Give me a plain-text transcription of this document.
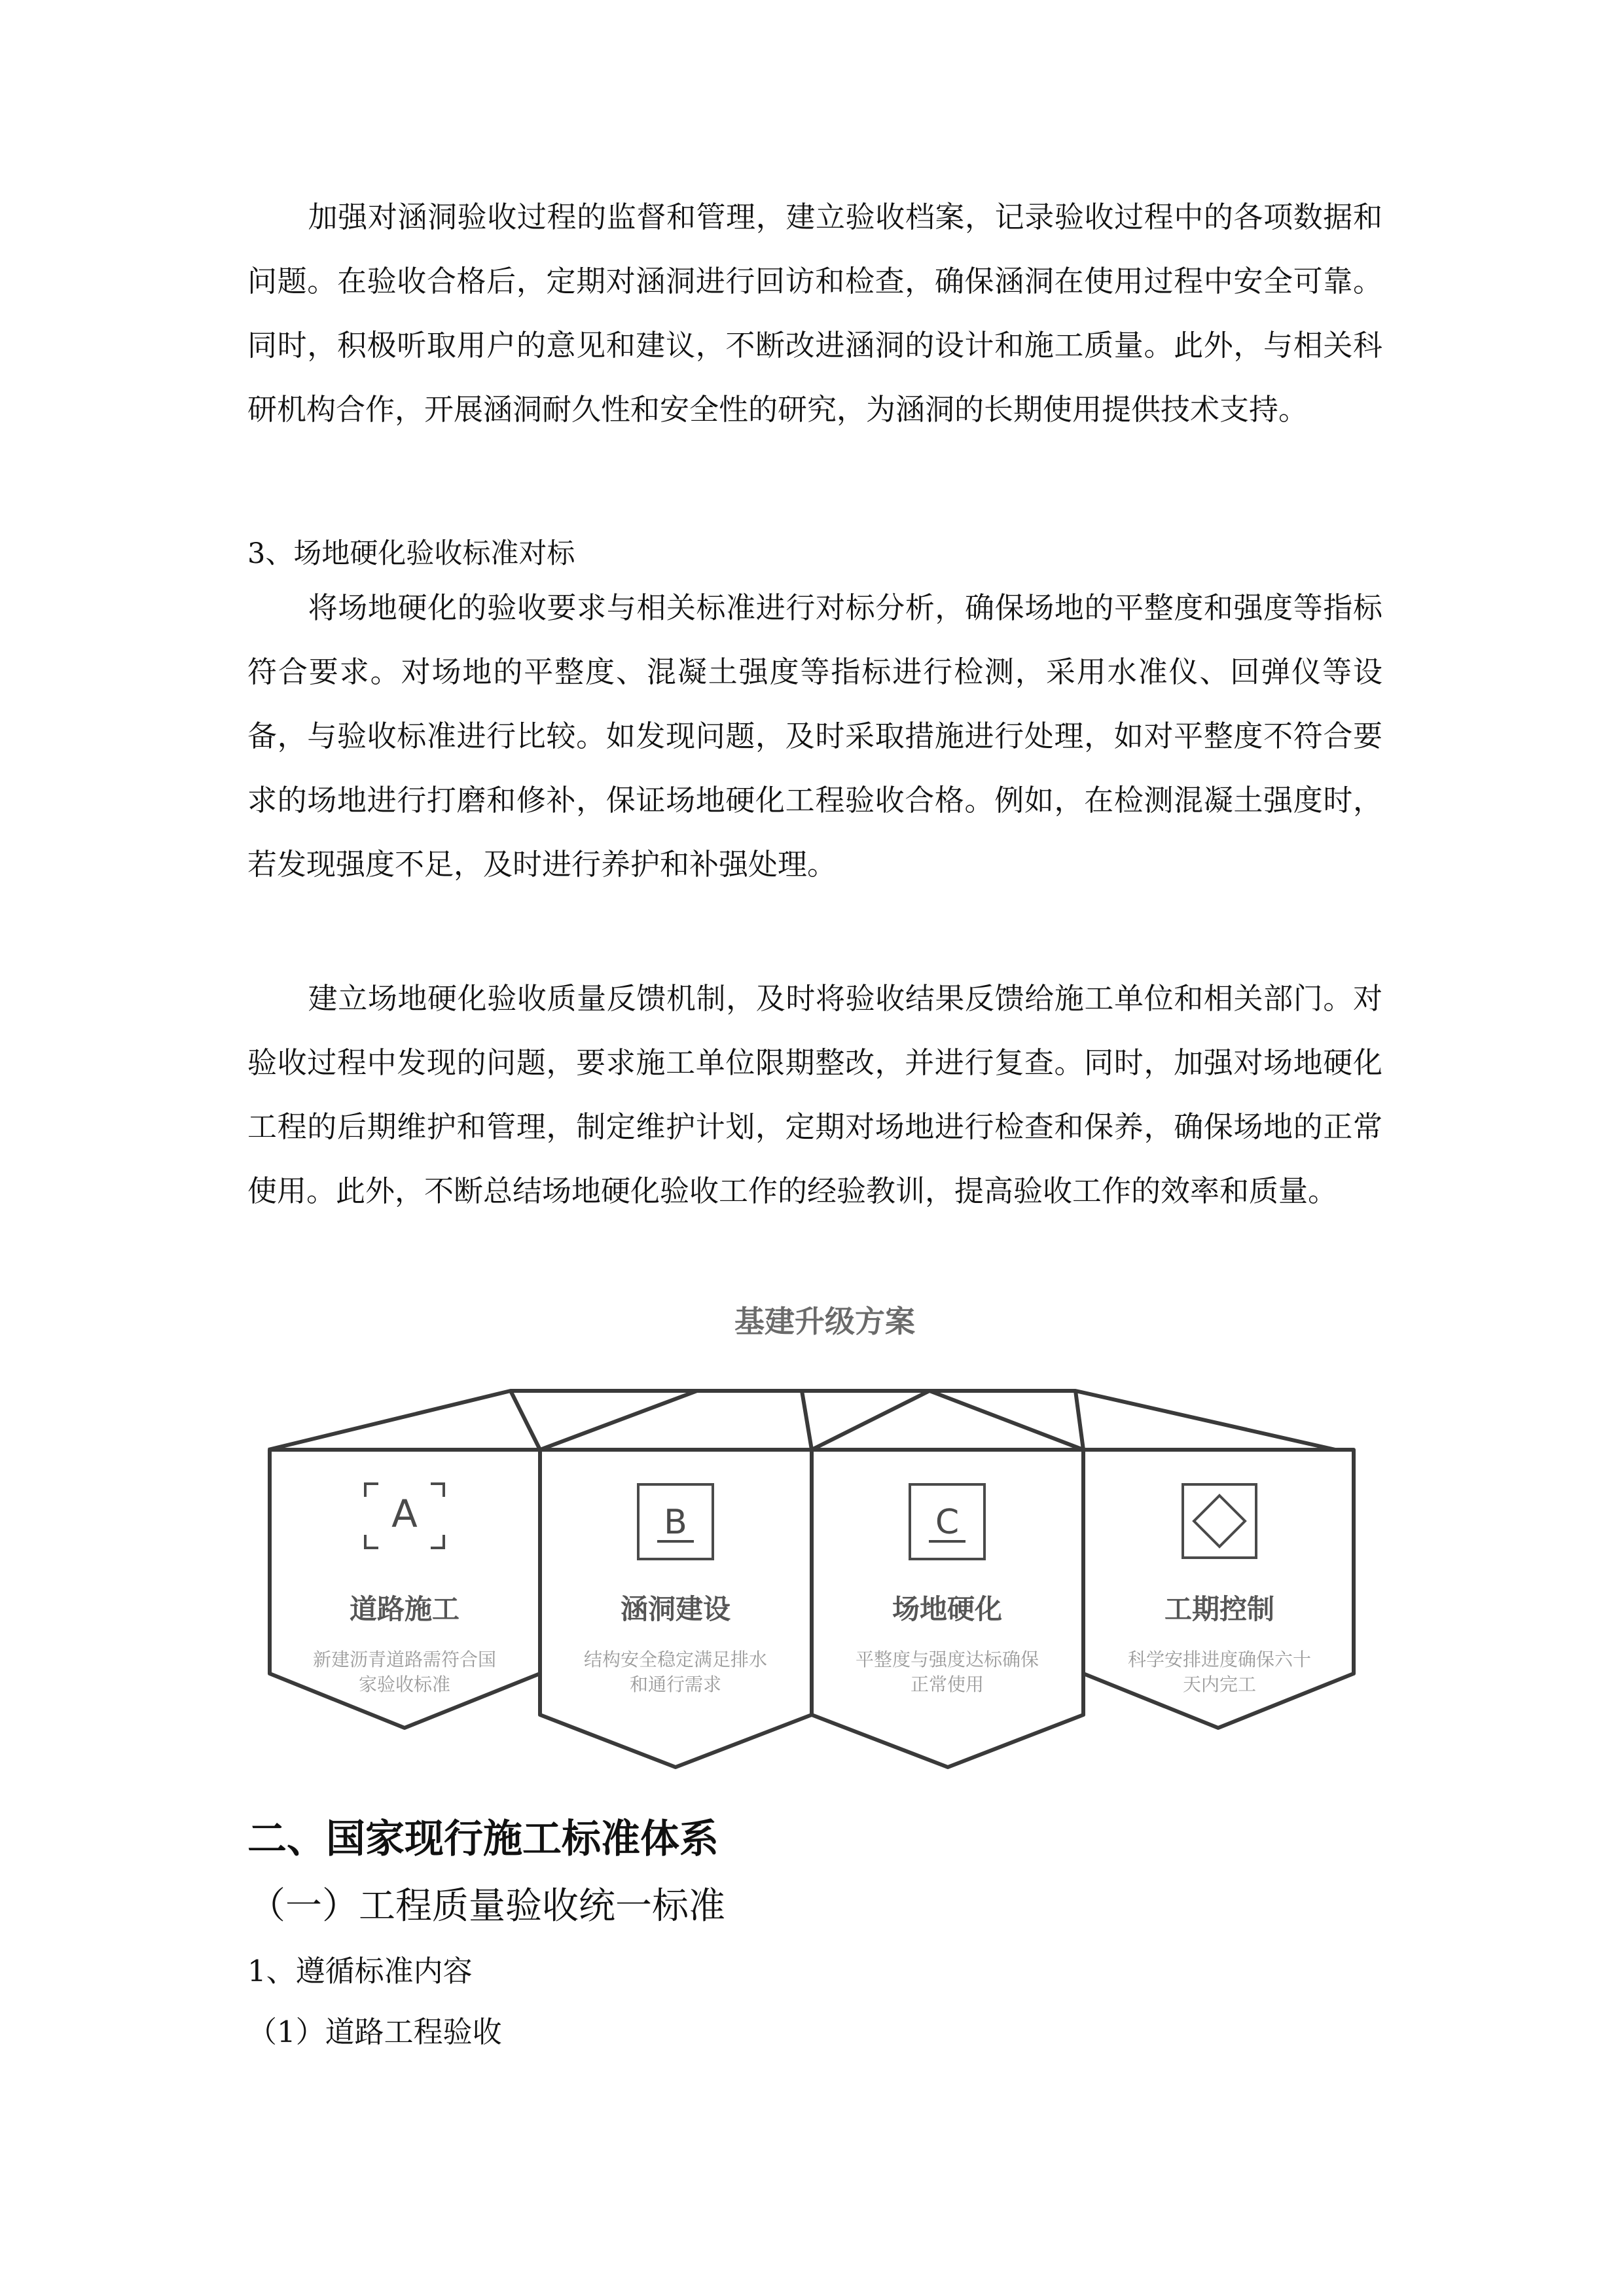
加强对涵洞验收过程的监督和管理，建立验收档案，记录验收过程中的各项数据和问题。在验收合格后，定期对涵洞进行回访和检查，确保涵洞在使用过程中安全可靠。同时，积极听取用户的意见和建议，不断改进涵洞的设计和施工质量。此外，与相关科研机构合作，开展涵洞耐久性和安全性的研究，为涵洞的长期使用提供技术支持。

3、场地硬化验收标准对标

将场地硬化的验收要求与相关标准进行对标分析，确保场地的平整度和强度等指标符合要求。对场地的平整度、混凝土强度等指标进行检测，采用水准仪、回弹仪等设备，与验收标准进行比较。如发现问题，及时采取措施进行处理，如对平整度不符合要求的场地进行打磨和修补，保证场地硬化工程验收合格。例如，在检测混凝土强度时，若发现强度不足，及时进行养护和补强处理。

建立场地硬化验收质量反馈机制，及时将验收结果反馈给施工单位和相关部门。对验收过程中发现的问题，要求施工单位限期整改，并进行复查。同时，加强对场地硬化工程的后期维护和管理，制定维护计划，定期对场地进行检查和保养，确保场地的正常使用。此外，不断总结场地硬化验收工作的经验教训，提高验收工作的效率和质量。

基建升级方案
A	B	C
道路施工	涵洞建设	场地硬化	工期控制
新建沥青道路需符合国
家验收标准
结构安全稳定满足排水
和通行需求
平整度与强度达标确保
正常使用
科学安排进度确保六十
天内完工

二、国家现行施工标准体系

（一）工程质量验收统一标准

1、遵循标准内容

（1）道路工程验收
